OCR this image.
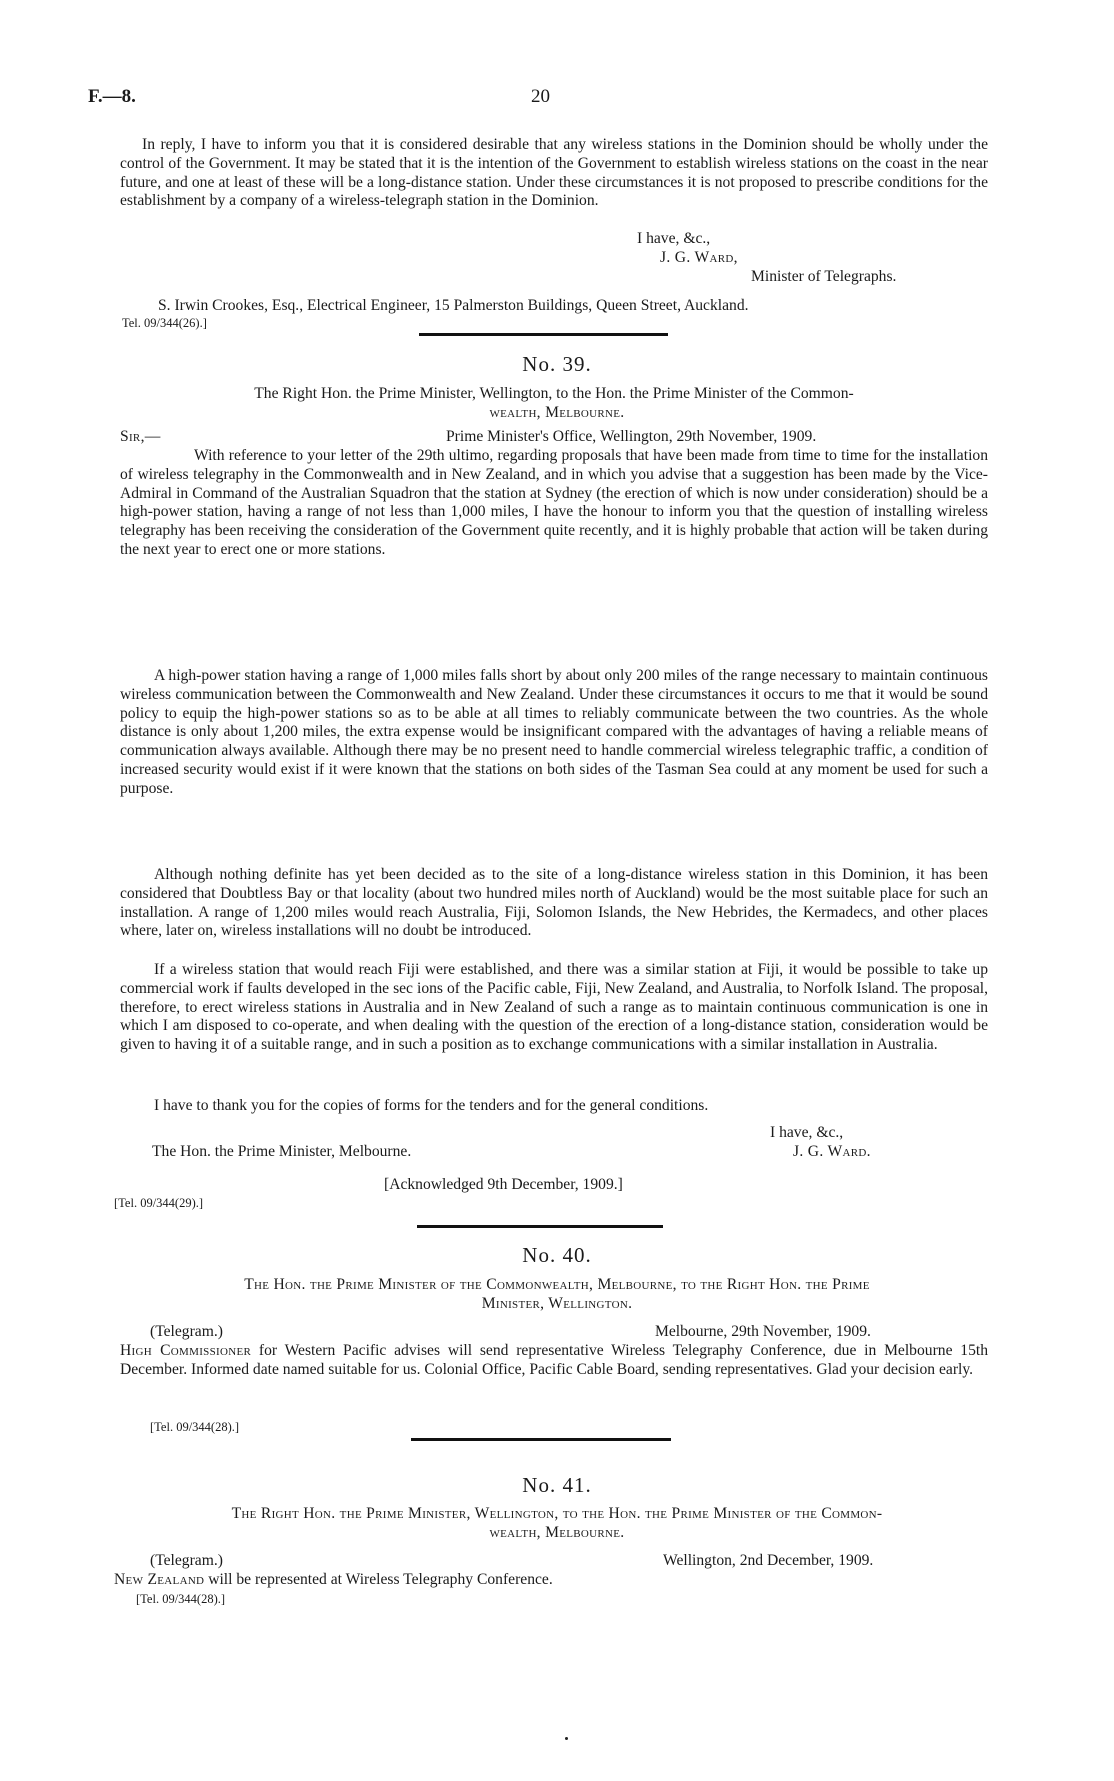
F.—8.	20
In reply, I have to inform you that it is considered desirable that any wireless stations in the Dominion should be wholly under the control of the Government. It may be stated that it is the intention of the Government to establish wireless stations on the coast in the near future, and one at least of these will be a long-distance station. Under these circumstances it is not proposed to prescribe conditions for the establishment by a company of a wireless-telegraph station in the Dominion.
I have, &c.,
J. G. Ward,
Minister of Telegraphs.
S. Irwin Crookes, Esq., Electrical Engineer, 15 Palmerston Buildings, Queen Street, Auckland.
Tel. 09/344(26).]
No. 39.
The Right Hon. the Prime Minister, Wellington, to the Hon. the Prime Minister of the Common-
wealth, Melbourne.
Sir,—	Prime Minister's Office, Wellington, 29th November, 1909.
With reference to your letter of the 29th ultimo, regarding proposals that have been made from time to time for the installation of wireless telegraphy in the Commonwealth and in New Zealand, and in which you advise that a suggestion has been made by the Vice-Admiral in Command of the Australian Squadron that the station at Sydney (the erection of which is now under consideration) should be a high-power station, having a range of not less than 1,000 miles, I have the honour to inform you that the question of installing wireless telegraphy has been receiving the consideration of the Government quite recently, and it is highly probable that action will be taken during the next year to erect one or more stations.
A high-power station having a range of 1,000 miles falls short by about only 200 miles of the range necessary to maintain continuous wireless communication between the Commonwealth and New Zealand. Under these circumstances it occurs to me that it would be sound policy to equip the high-power stations so as to be able at all times to reliably communicate between the two countries. As the whole distance is only about 1,200 miles, the extra expense would be insignificant compared with the advantages of having a reliable means of communication always available. Although there may be no present need to handle commercial wireless telegraphic traffic, a condition of increased security would exist if it were known that the stations on both sides of the Tasman Sea could at any moment be used for such a purpose.
Although nothing definite has yet been decided as to the site of a long-distance wireless station in this Dominion, it has been considered that Doubtless Bay or that locality (about two hundred miles north of Auckland) would be the most suitable place for such an installation. A range of 1,200 miles would reach Australia, Fiji, Solomon Islands, the New Hebrides, the Kermadecs, and other places where, later on, wireless installations will no doubt be introduced.
If a wireless station that would reach Fiji were established, and there was a similar station at Fiji, it would be possible to take up commercial work if faults developed in the sec ions of the Pacific cable, Fiji, New Zealand, and Australia, to Norfolk Island. The proposal, therefore, to erect wireless stations in Australia and in New Zealand of such a range as to maintain continuous communication is one in which I am disposed to co-operate, and when dealing with the question of the erection of a long-distance station, consideration would be given to having it of a suitable range, and in such a position as to exchange communications with a similar installation in Australia.
I have to thank you for the copies of forms for the tenders and for the general conditions.
I have, &c.,
The Hon. the Prime Minister, Melbourne.	J. G. Ward.
[Acknowledged 9th December, 1909.]
[Tel. 09/344(29).]
No. 40.
The Hon. the Prime Minister of the Commonwealth, Melbourne, to the Right Hon. the Prime
Minister, Wellington.
(Telegram.)	Melbourne, 29th November, 1909.
High Commissioner for Western Pacific advises will send representative Wireless Telegraphy Conference, due in Melbourne 15th December. Informed date named suitable for us. Colonial Office, Pacific Cable Board, sending representatives. Glad your decision early.
[Tel. 09/344(28).]
No. 41.
The Right Hon. the Prime Minister, Wellington, to the Hon. the Prime Minister of the Common-
wealth, Melbourne.
(Telegram.)	Wellington, 2nd December, 1909.
New Zealand will be represented at Wireless Telegraphy Conference.
[Tel. 09/344(28).]
